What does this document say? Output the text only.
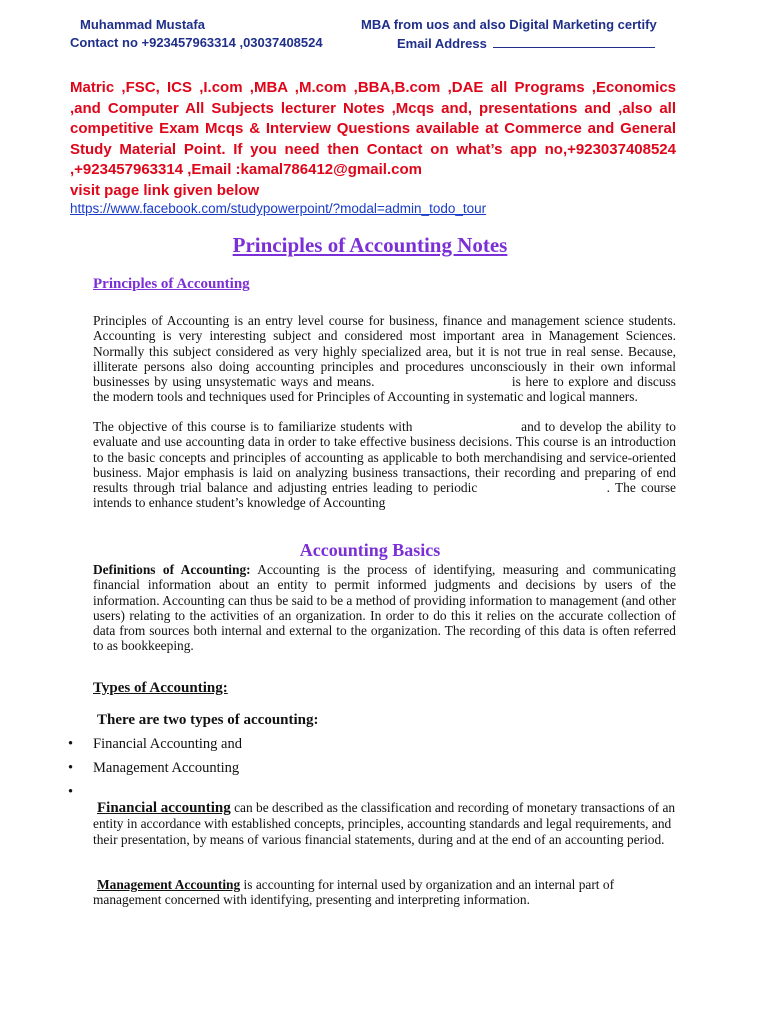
Muhammad Mustafa
Contact no +923457963314 ,03037408524
MBA from uos and also Digital Marketing certify
Email Address
Matric ,FSC, ICS ,I.com ,MBA ,M.com ,BBA,B.com ,DAE all Programs ,Economics ,and Computer All Subjects lecturer Notes ,Mcqs and, presentations and ,also all competitive Exam Mcqs & Interview Questions available at Commerce and General Study Material Point. If you need then Contact on what’s app no,+923037408524 ,+923457963314 ,Email :kamal786412@gmail.com
visit page link given below
https://www.facebook.com/studypowerpoint/?modal=admin_todo_tour
Principles of Accounting Notes
Principles of Accounting
Principles of Accounting is an entry level course for business, finance and management science students. Accounting is very interesting subject and considered most important area in Management Sciences. Normally this subject considered as very highly specialized area, but it is not true in real sense. Because, illiterate persons also doing accounting principles and procedures unconsciously in their own informal businesses by using unsystematic ways and means.	is here to explore and discuss the modern tools and techniques used for Principles of Accounting in systematic and logical manners.
The objective of this course is to familiarize students with	and to develop the ability to evaluate and use accounting data in order to take effective business decisions. This course is an introduction to the basic concepts and principles of accounting as applicable to both merchandising and service-oriented business. Major emphasis is laid on analyzing business transactions, their recording and preparing of end results through trial balance and adjusting entries leading to periodic	. The course intends to enhance student’s knowledge of Accounting
Accounting Basics
Definitions of Accounting: Accounting is the process of identifying, measuring and communicating financial information about an entity to permit informed judgments and decisions by users of the information. Accounting can thus be said to be a method of providing information to management (and other users) relating to the activities of an organization. In order to do this it relies on the accurate collection of data from sources both internal and external to the organization. The recording of this data is often referred to as bookkeeping.
Types of Accounting:
There are two types of accounting:
• Financial Accounting and
• Management Accounting
•
Financial accounting can be described as the classification and recording of monetary transactions of an entity in accordance with established concepts, principles, accounting standards and legal requirements, and their presentation, by means of various financial statements, during and at the end of an accounting period.
Management Accounting is accounting for internal used by organization and an internal part of management concerned with identifying, presenting and interpreting information.
